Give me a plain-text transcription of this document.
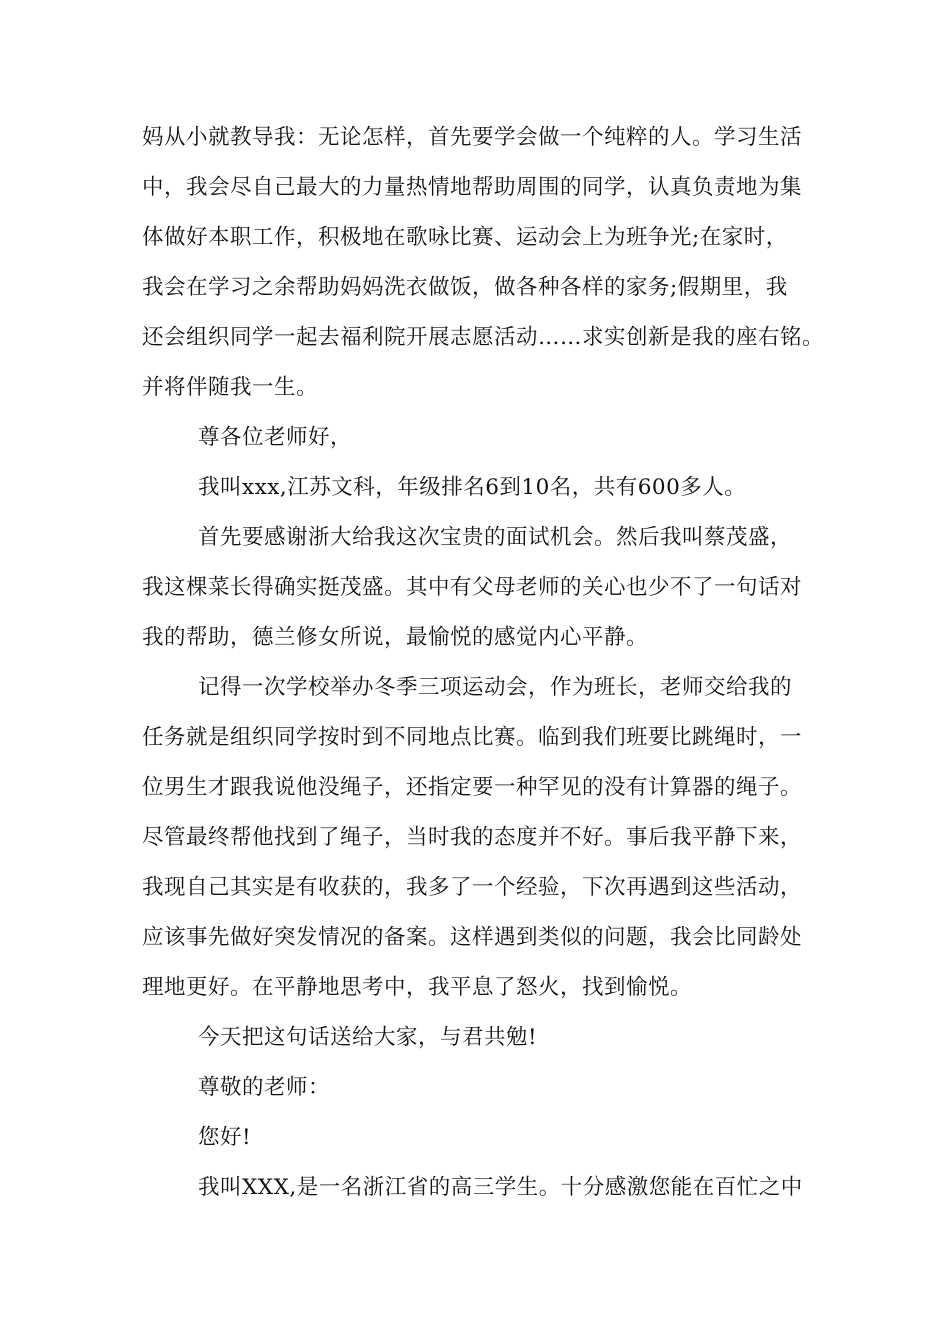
妈从小就教导我：无论怎样，首先要学会做一个纯粹的人。学习生活
中，我会尽自己最大的力量热情地帮助周围的同学，认真负责地为集
体做好本职工作，积极地在歌咏比赛、运动会上为班争光;在家时，
我会在学习之余帮助妈妈洗衣做饭，做各种各样的家务;假期里，我
还会组织同学一起去福利院开展志愿活动……求实创新是我的座右铭。
并将伴随我一生。
尊各位老师好，
我叫xxx,江苏文科，年级排名6到10名，共有600多人。
首先要感谢浙大给我这次宝贵的面试机会。然后我叫蔡茂盛，
我这棵菜长得确实挺茂盛。其中有父母老师的关心也少不了一句话对
我的帮助，德兰修女所说，最愉悦的感觉内心平静。
记得一次学校举办冬季三项运动会，作为班长，老师交给我的
任务就是组织同学按时到不同地点比赛。临到我们班要比跳绳时，一
位男生才跟我说他没绳子，还指定要一种罕见的没有计算器的绳子。
尽管最终帮他找到了绳子，当时我的态度并不好。事后我平静下来，
我现自己其实是有收获的，我多了一个经验，下次再遇到这些活动，
应该事先做好突发情况的备案。这样遇到类似的问题，我会比同龄处
理地更好。在平静地思考中，我平息了怒火，找到愉悦。
今天把这句话送给大家，与君共勉!
尊敬的老师：
您好!
我叫XXX,是一名浙江省的高三学生。十分感激您能在百忙之中
